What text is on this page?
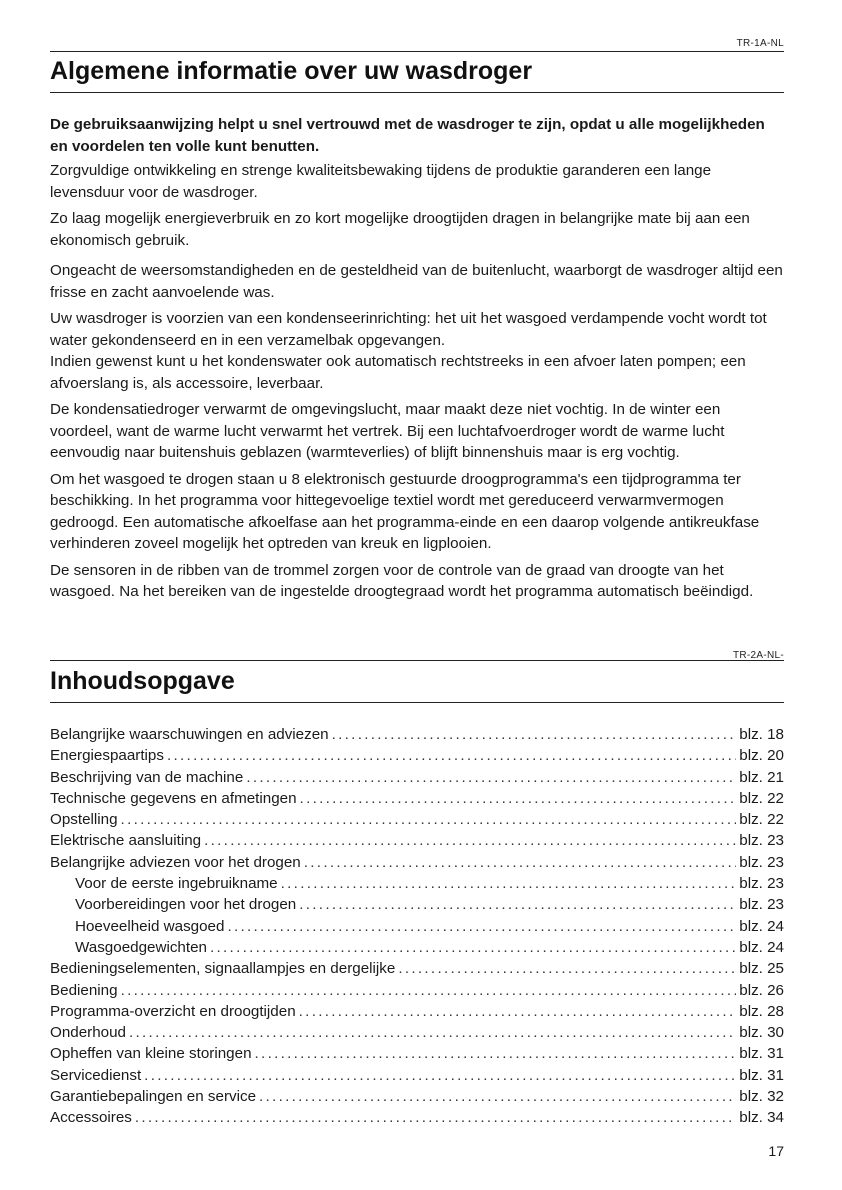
TR-1A-NL
Algemene informatie over uw wasdroger

De gebruiksaanwijzing helpt u snel vertrouwd met de wasdroger te zijn, opdat u alle mogelijkheden en voordelen ten volle kunt benutten.

Zorgvuldige ontwikkeling en strenge kwaliteitsbewaking tijdens de produktie garanderen een lange levensduur voor de wasdroger.

Zo laag mogelijk energieverbruik en zo kort mogelijke droogtijden dragen in belangrijke mate bij aan een ekonomisch gebruik.

Ongeacht de weersomstandigheden en de gesteldheid van de buitenlucht, waarborgt de wasdroger altijd een frisse en zacht aanvoelende was.

Uw wasdroger is voorzien van een kondenseerinrichting: het uit het wasgoed verdampende vocht wordt tot water gekondenseerd en in een verzamelbak opgevangen.

Indien gewenst kunt u het kondenswater ook automatisch rechtstreeks in een afvoer laten pompen; een afvoerslang is, als accessoire, leverbaar.

De kondensatiedroger verwarmt de omgevingslucht, maar maakt deze niet vochtig. In de winter een voordeel, want de warme lucht verwarmt het vertrek. Bij een luchtafvoerdroger wordt de warme lucht eenvoudig naar buitenshuis geblazen (warmteverlies) of blijft binnenshuis maar is erg vochtig.

Om het wasgoed te drogen staan u 8 elektronisch gestuurde droogprogramma's een tijdprogramma ter beschikking. In het programma voor hittegevoelige textiel wordt met gereduceerd verwarmvermogen gedroogd. Een automatische afkoelfase aan het programma-einde en een daarop volgende antikreukfase verhinderen zoveel mogelijk het optreden van kreuk en ligplooien.

De sensoren in de ribben van de trommel zorgen voor de controle van de graad van droogte van het wasgoed. Na het bereiken van de ingestelde droogtegraad wordt het programma automatisch beëindigd.

TR-2A-NL-
Inhoudsopgave
Belangrijke waarschuwingen en adviezen .....	blz. 18
Energiespaartips .....	blz. 20
Beschrijving van de machine .....	blz. 21
Technische gegevens en afmetingen .....	blz. 22
Opstelling .....	blz. 22
Elektrische aansluiting .....	blz. 23
Belangrijke adviezen voor het drogen .....	blz. 23
Voor de eerste ingebruikname .....	blz. 23
Voorbereidingen voor het drogen .....	blz. 23
Hoeveelheid wasgoed .....	blz. 24
Wasgoedgewichten .....	blz. 24
Bedieningselementen, signaallampjes en dergelijke .....	blz. 25
Bediening .....	blz. 26
Programma-overzicht en droogtijden .....	blz. 28
Onderhoud .....	blz. 30
Opheffen van kleine storingen .....	blz. 31
Servicedienst .....	blz. 31
Garantiebepalingen en service .....	blz. 32
Accessoires .....	blz. 34
17
